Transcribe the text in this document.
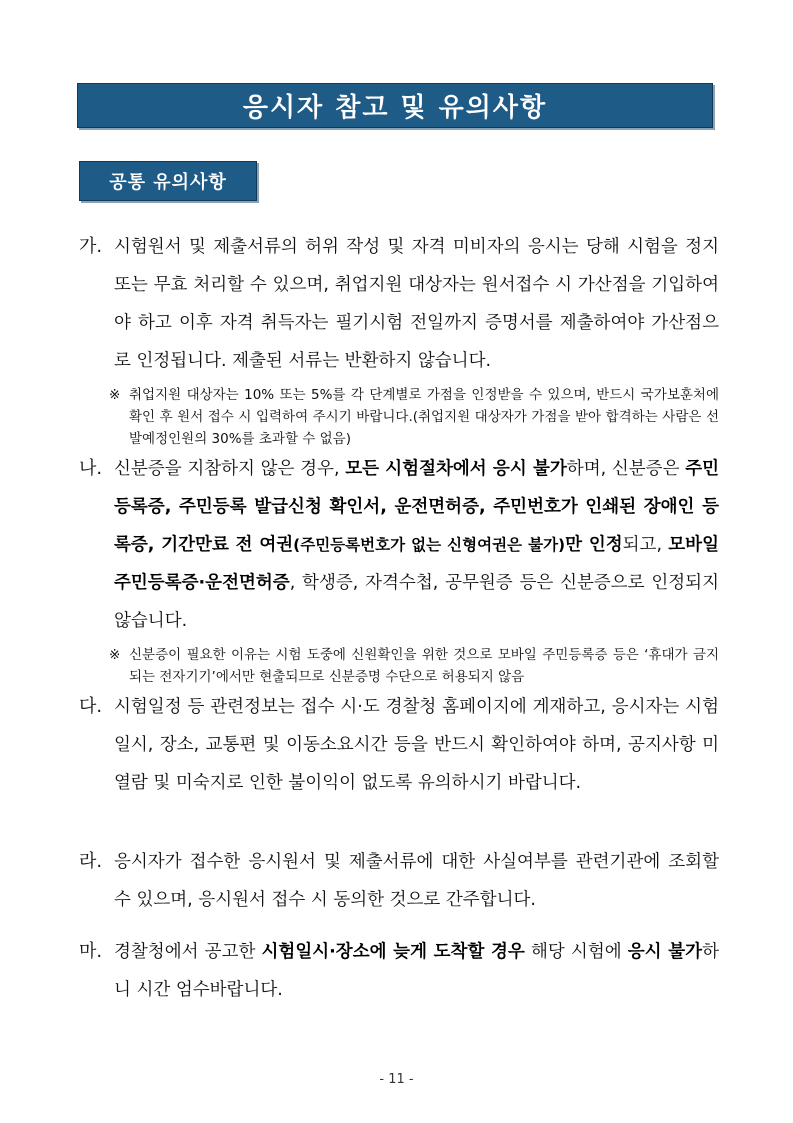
응시자 참고 및 유의사항
공통 유의사항
가. 시험원서 및 제출서류의 허위 작성 및 자격 미비자의 응시는 당해 시험을 정지 또는 무효 처리할 수 있으며, 취업지원 대상자는 원서접수 시 가산점을 기입하여야 하고 이후 자격 취득자는 필기시험 전일까지 증명서를 제출하여야 가산점으로 인정됩니다. 제출된 서류는 반환하지 않습니다.
※ 취업지원 대상자는 10% 또는 5%를 각 단계별로 가점을 인정받을 수 있으며, 반드시 국가보훈처에 확인 후 원서 접수 시 입력하여 주시기 바랍니다.(취업지원 대상자가 가점을 받아 합격하는 사람은 선발예정인원의 30%를 초과할 수 없음)
나. 신분증을 지참하지 않은 경우, 모든 시험절차에서 응시 불가하며, 신분증은 주민등록증, 주민등록 발급신청 확인서, 운전면허증, 주민번호가 인쇄된 장애인 등록증, 기간만료 전 여권(주민등록번호가 없는 신형여권은 불가)만 인정되고, 모바일 주민등록증·운전면허증, 학생증, 자격수첩, 공무원증 등은 신분증으로 인정되지 않습니다.
※ 신분증이 필요한 이유는 시험 도중에 신원확인을 위한 것으로 모바일 주민등록증 등은 ‘휴대가 금지되는 전자기기’에서만 현출되므로 신분증명 수단으로 허용되지 않음
다. 시험일정 등 관련정보는 접수 시·도 경찰청 홈페이지에 게재하고, 응시자는 시험일시, 장소, 교통편 및 이동소요시간 등을 반드시 확인하여야 하며, 공지사항 미열람 및 미숙지로 인한 불이익이 없도록 유의하시기 바랍니다.
라. 응시자가 접수한 응시원서 및 제출서류에 대한 사실여부를 관련기관에 조회할 수 있으며, 응시원서 접수 시 동의한 것으로 간주합니다.
마. 경찰청에서 공고한 시험일시·장소에 늦게 도착할 경우 해당 시험에 응시 불가하니 시간 엄수바랍니다.
- 11 -
